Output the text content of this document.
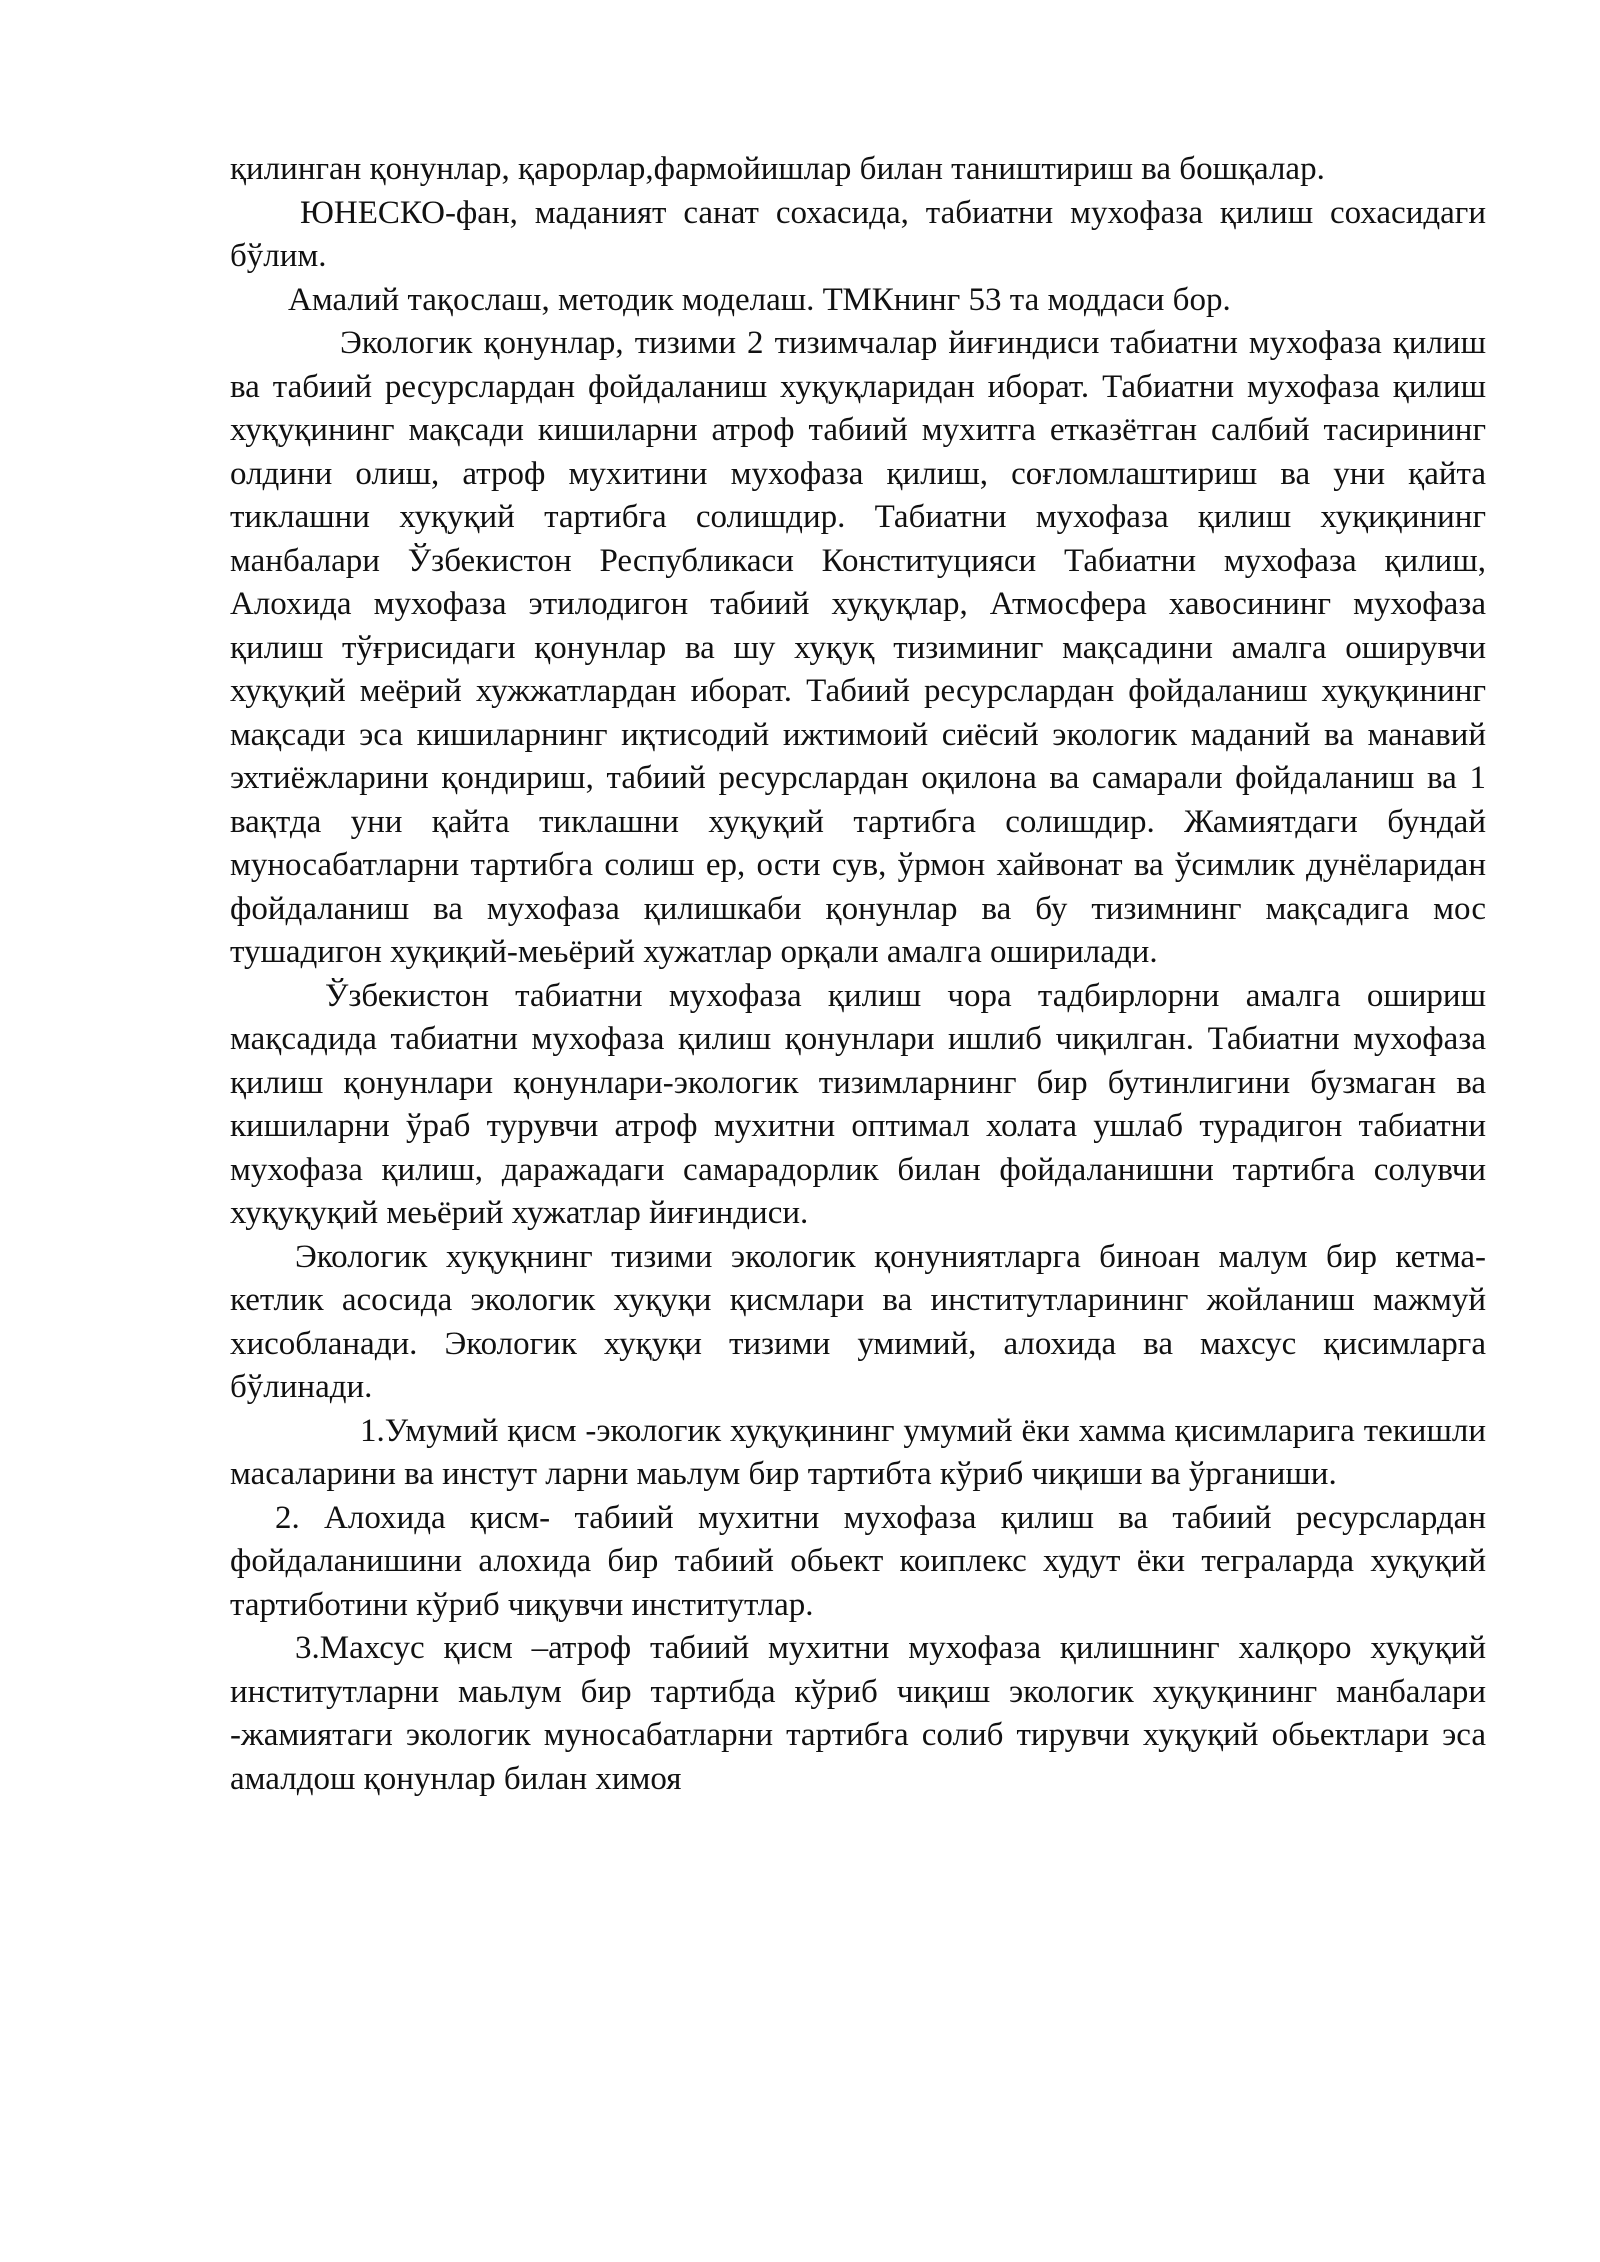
қилинган қонунлар, қарорлар,фармойишлар билан таништириш ва бошқалар.

ЮНЕСКО-фан, маданият санат сохасида, табиатни мухофаза қилиш сохасидаги бўлим.

Амалий тақослаш, методик моделаш. ТМКнинг 53 та моддаси бор.

Экологик қонунлар, тизими 2 тизимчалар йиғиндиси табиатни мухофаза қилиш ва табиий ресурслардан фойдаланиш хуқуқларидан иборат. Табиатни мухофаза қилиш хуқуқининг мақсади кишиларни атроф табиий мухитга етказётган салбий тасирининг олдини олиш, атроф мухитини мухофаза қилиш, соғломлаштириш ва уни қайта тиклашни хуқуқий тартибга солишдир. Табиатни мухофаза қилиш хуқиқининг манбалари Ўзбекистон Республикаси Конституцияси Табиатни мухофаза қилиш, Алохида мухофаза этилодигон табиий хуқуқлар, Атмосфера хавосининг мухофаза қилиш тўғрисидаги қонунлар ва шу хуқуқ тизиминиг мақсадини амалга оширувчи хуқуқий меёрий хужжатлардан иборат. Табиий ресурслардан фойдаланиш хуқуқининг мақсади эса кишиларнинг иқтисодий ижтимоий сиёсий экологик маданий ва манавий эхтиёжларини қондириш, табиий ресурслардан оқилона ва самарали фойдаланиш ва 1 вақтда уни қайта тиклашни хуқуқий тартибга солишдир. Жамиятдаги бундай муносабатларни тартибга солиш ер, ости сув, ўрмон хайвонат ва ўсимлик дунёларидан фойдаланиш ва мухофаза қилишкаби қонунлар ва бу тизимнинг мақсадига мос тушадигон хуқиқий-меьёрий хужатлар орқали амалга оширилади.

Ўзбекистон табиатни мухофаза қилиш чора тадбирлорни амалга ошириш мақсадида табиатни мухофаза қилиш қонунлари ишлиб чиқилган. Табиатни мухофаза қилиш қонунлари қонунлари-экологик тизимларнинг бир бутинлигини бузмаган ва кишиларни ўраб турувчи атроф мухитни оптимал холата ушлаб турадигон табиатни мухофаза қилиш, даражадаги самарадорлик билан фойдаланишни тартибга солувчи хуқуқуқий меьёрий хужатлар йиғиндиси.

Экологик хуқуқнинг тизими экологик қонуниятларга биноан малум бир кетма-кетлик асосида экологик хуқуқи қисмлари ва институтларининг жойланиш мажмуй хисобланади. Экологик хуқуқи тизими умимий, алохида ва махсус қисимларга бўлинади.

1.Умумий қисм -экологик хуқуқининг умумий ёки хамма қисимларига текишли масаларини ва инстут ларни маьлум бир тартибта кўриб чиқиши ва ўрганиши.

2. Алохида қисм- табиий мухитни мухофаза қилиш ва табиий ресурслардан фойдаланишини алохида бир табиий обьект коиплекс худут ёки теграларда хуқуқий тартиботини кўриб чиқувчи институтлар.

3.Махсус қисм –атроф табиий мухитни мухофаза қилишнинг халқоро хуқуқий институтларни маьлум бир тартибда кўриб чиқиш экологик хуқуқининг манбалари -жамиятаги экологик муносабатларни тартибга солиб тирувчи хуқуқий обьектлари эса амалдош қонунлар билан химоя
